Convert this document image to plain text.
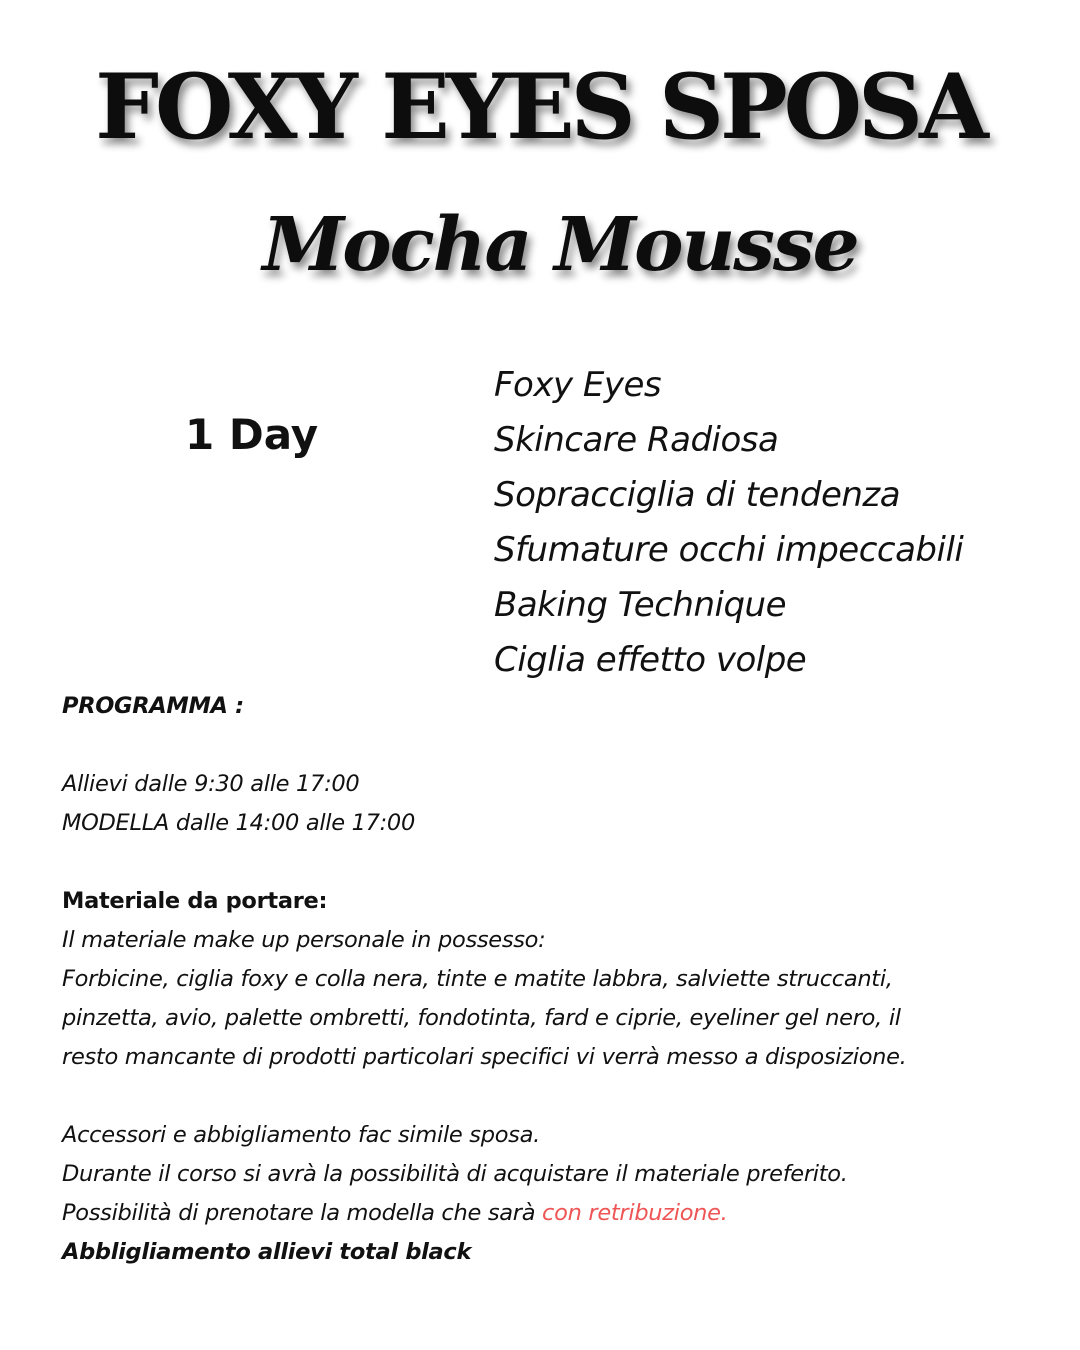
FOXY EYES SPOSA
Mocha Mousse
1 Day
Foxy Eyes
Skincare Radiosa
Sopracciglia di tendenza
Sfumature occhi impeccabili
Baking Technique
Ciglia effetto volpe
PROGRAMMA :
Allievi dalle 9:30 alle 17:00
MODELLA dalle 14:00 alle 17:00
Materiale da portare:
Il materiale make up personale in possesso:
Forbicine, ciglia foxy e colla nera, tinte e matite labbra, salviette struccanti,
pinzetta, avio, palette ombretti, fondotinta, fard e ciprie, eyeliner gel nero, il
resto mancante di prodotti particolari specifici vi verrà messo a disposizione.
Accessori e abbigliamento fac simile sposa.
Durante il corso si avrà la possibilità di acquistare il materiale preferito.
Possibilità di prenotare la modella che sarà con retribuzione.
Abbligliamento allievi total black
